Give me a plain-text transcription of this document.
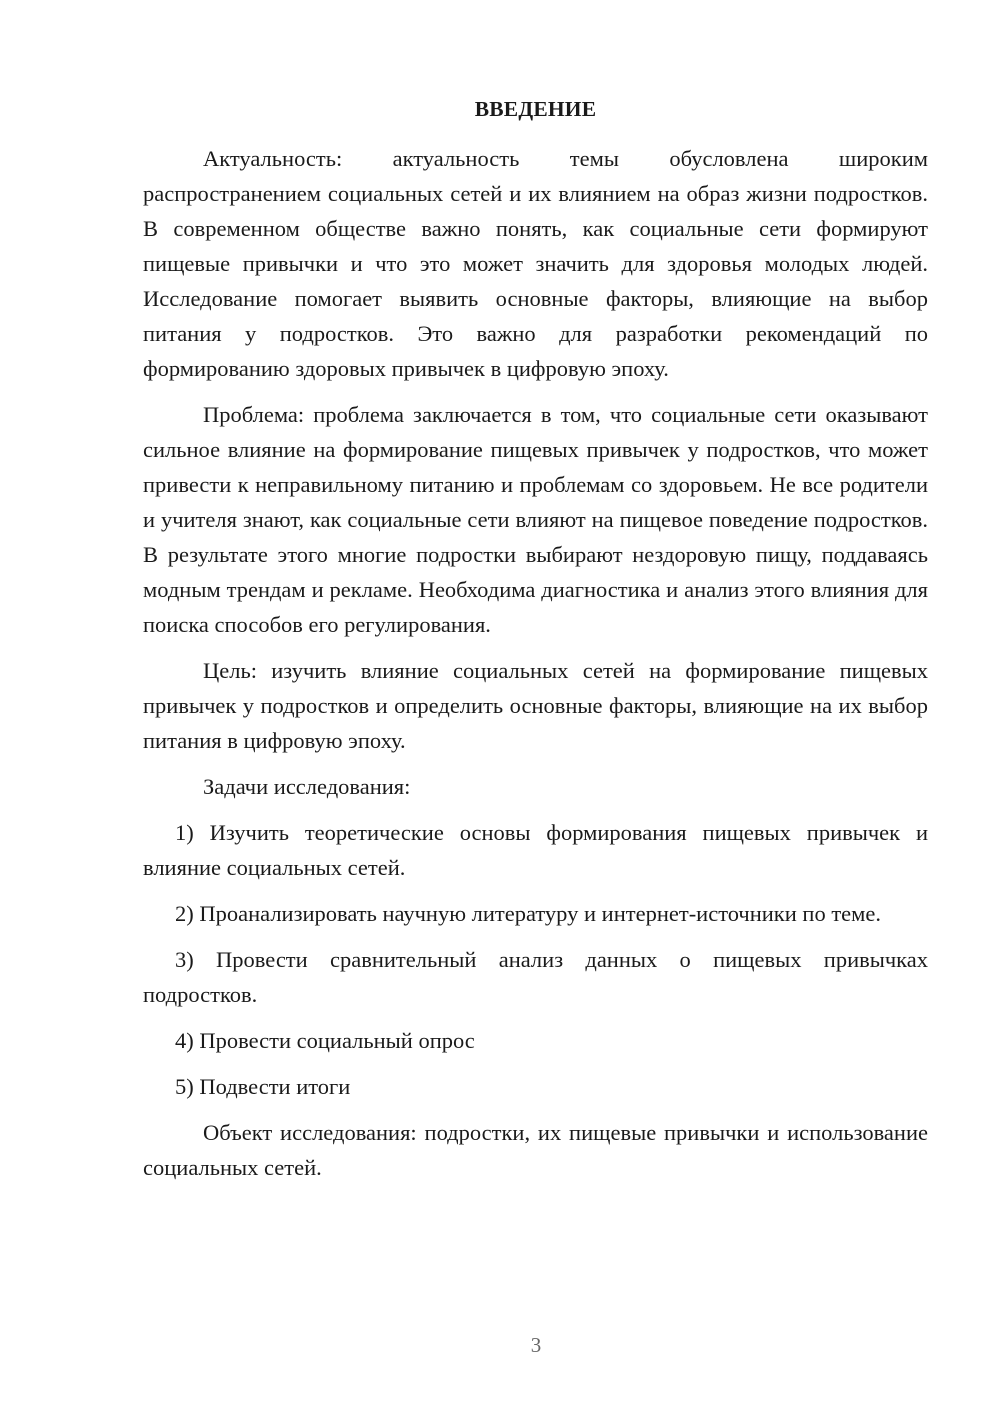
ВВЕДЕНИЕ

Актуальность: актуальность темы обусловлена широким распространением социальных сетей и их влиянием на образ жизни подростков. В современном обществе важно понять, как социальные сети формируют пищевые привычки и что это может значить для здоровья молодых людей. Исследование помогает выявить основные факторы, влияющие на выбор питания у подростков. Это важно для разработки рекомендаций по формированию здоровых привычек в цифровую эпоху.

Проблема: проблема заключается в том, что социальные сети оказывают сильное влияние на формирование пищевых привычек у подростков, что может привести к неправильному питанию и проблемам со здоровьем. Не все родители и учителя знают, как социальные сети влияют на пищевое поведение подростков. В результате этого многие подростки выбирают нездоровую пищу, поддаваясь модным трендам и рекламе. Необходима диагностика и анализ этого влияния для поиска способов его регулирования.

Цель: изучить влияние социальных сетей на формирование пищевых привычек у подростков и определить основные факторы, влияющие на их выбор питания в цифровую эпоху.

Задачи исследования:

1) Изучить теоретические основы формирования пищевых привычек и влияние социальных сетей.

2) Проанализировать научную литературу и интернет-источники по теме.

3) Провести сравнительный анализ данных о пищевых привычках подростков.

4) Провести социальный опрос

5) Подвести итоги

Объект исследования: подростки, их пищевые привычки и использование социальных сетей.

3
